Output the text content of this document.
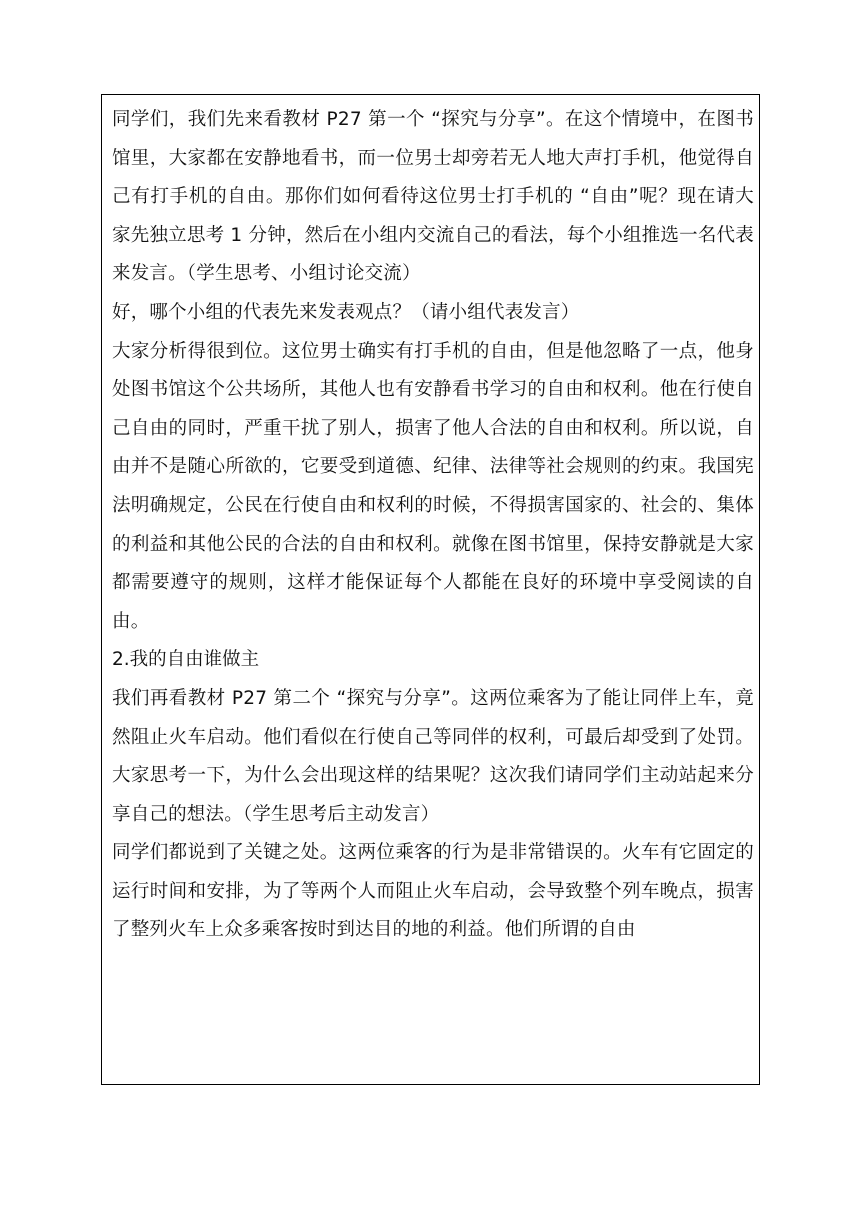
同学们，我们先来看教材 P27 第一个 “探究与分享”。在这个情境中，在图书馆里，大家都在安静地看书，而一位男士却旁若无人地大声打手机，他觉得自己有打手机的自由。那你们如何看待这位男士打手机的 “自由”呢？现在请大家先独立思考 1 分钟，然后在小组内交流自己的看法，每个小组推选一名代表来发言。（学生思考、小组讨论交流）

好，哪个小组的代表先来发表观点？（请小组代表发言）

大家分析得很到位。这位男士确实有打手机的自由，但是他忽略了一点，他身处图书馆这个公共场所，其他人也有安静看书学习的自由和权利。他在行使自己自由的同时，严重干扰了别人，损害了他人合法的自由和权利。所以说，自由并不是随心所欲的，它要受到道德、纪律、法律等社会规则的约束。我国宪法明确规定，公民在行使自由和权利的时候，不得损害国家的、社会的、集体的利益和其他公民的合法的自由和权利。就像在图书馆里，保持安静就是大家都需要遵守的规则，这样才能保证每个人都能在良好的环境中享受阅读的自由。

2.我的自由谁做主

我们再看教材 P27 第二个 “探究与分享”。这两位乘客为了能让同伴上车，竟然阻止火车启动。他们看似在行使自己等同伴的权利，可最后却受到了处罚。大家思考一下，为什么会出现这样的结果呢？这次我们请同学们主动站起来分享自己的想法。（学生思考后主动发言）

同学们都说到了关键之处。这两位乘客的行为是非常错误的。火车有它固定的运行时间和安排，为了等两个人而阻止火车启动，会导致整个列车晚点，损害了整列火车上众多乘客按时到达目的地的利益。他们所谓的自由
